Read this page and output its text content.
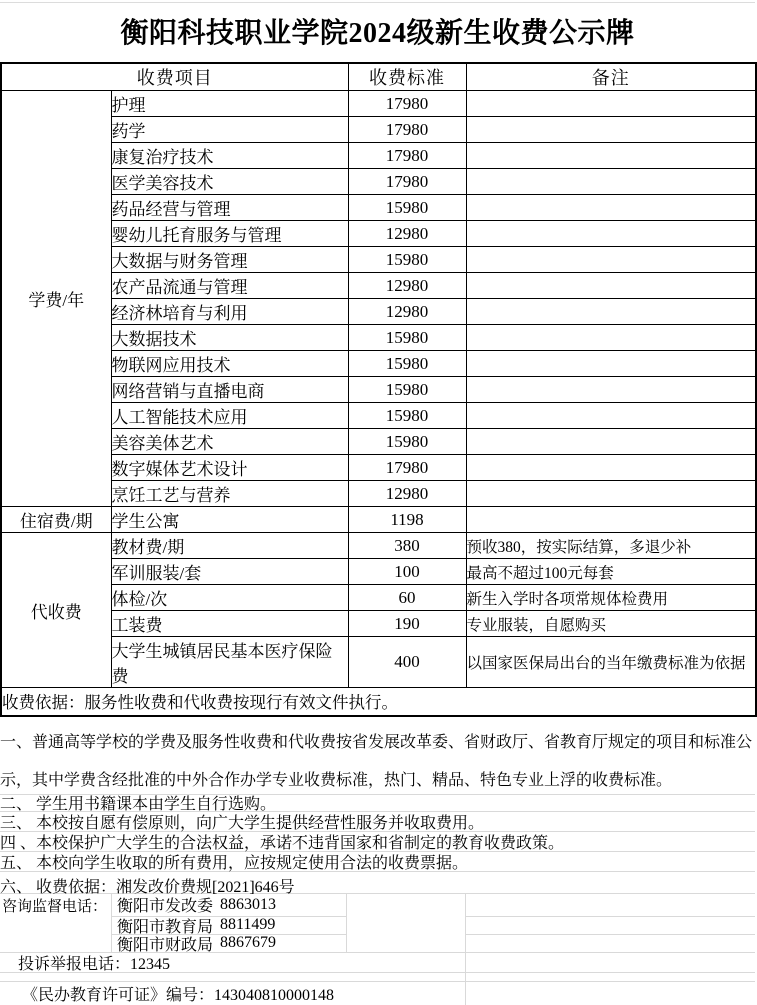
衡阳科技职业学院2024级新生收费公示牌
收费项目		收费标准	备注
学费/年	护理	17980	
	药学	17980	
	康复治疗技术	17980	
	医学美容技术	17980	
	药品经营与管理	15980	
	婴幼儿托育服务与管理	12980	
	大数据与财务管理	15980	
	农产品流通与管理	12980	
	经济林培育与利用	12980	
	大数据技术	15980	
	物联网应用技术	15980	
	网络营销与直播电商	15980	
	人工智能技术应用	15980	
	美容美体艺术	15980	
	数字媒体艺术设计	17980	
	烹饪工艺与营养	12980	
住宿费/期	学生公寓	1198	
代收费	教材费/期	380	预收380，按实际结算，多退少补
	军训服装/套	100	最高不超过100元每套
	体检/次	60	新生入学时各项常规体检费用
	工装费	190	专业服装，自愿购买
	大学生城镇居民基本医疗保险费	400	以国家医保局出台的当年缴费标准为依据
收费依据：服务性收费和代收费按现行有效文件执行。			
一、普通高等学校的学费及服务性收费和代收费按省发展改革委、省财政厅、省教育厅规定的项目和标准公
示，其中学费含经批准的中外合作办学专业收费标准，热门、精品、特色专业上浮的收费标准。
二、 学生用书籍课本由学生自行选购。
三、 本校按自愿有偿原则，向广大学生提供经营性服务并收取费用。
四 、本校保护广大学生的合法权益，承诺不违背国家和省制定的教育收费政策。
五、 本校向学生收取的所有费用，应按规定使用合法的收费票据。
六、 收费依据：湘发改价费规[2021]646号
咨询监督电话： 衡阳市发改委 8863013
衡阳市教育局 8811499
衡阳市财政局 8867679
投诉举报电话：12345
《民办教育许可证》编号：143040810000148
